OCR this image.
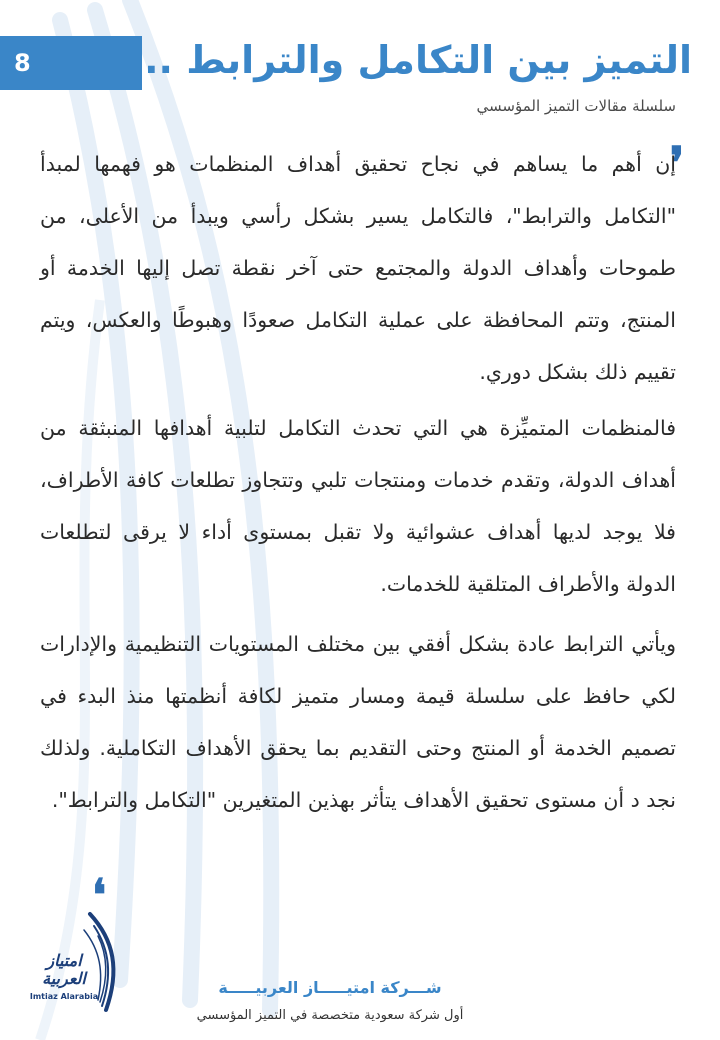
8	التميز بين التكامل والترابط ..
سلسلة مقالات التميز المؤسسي
❜

إن أهم ما يساهم في نجاح تحقيق أهداف المنظمات هو فهمها لمبدأ "التكامل والترابط"، فالتكامل يسير بشكل رأسي ويبدأ من الأعلى، من طموحات وأهداف الدولة والمجتمع حتى آخر نقطة تصل إليها الخدمة أو المنتج، وتتم المحافظة على عملية التكامل صعودًا وهبوطًا والعكس، ويتم تقييم ذلك بشكل دوري.

فالمنظمات المتميِّزة هي التي تحدث التكامل لتلبية أهدافها المنبثقة من أهداف الدولة، وتقدم خدمات ومنتجات تلبي وتتجاوز تطلعات كافة الأطراف، فلا يوجد لديها أهداف عشوائية ولا تقبل بمستوى أداء لا يرقى لتطلعات الدولة والأطراف المتلقية للخدمات.

ويأتي الترابط عادة بشكل أفقي بين مختلف المستويات التنظيمية والإدارات لكي حافظ على سلسلة قيمة ومسار متميز لكافة أنظمتها منذ البدء في تصميم الخدمة أو المنتج وحتى التقديم بما يحقق الأهداف التكاملية. ولذلك نجد د أن مستوى تحقيق الأهداف يتأثر بهذين المتغيرين "التكامل والترابط".

❛
امتياز العربية
Imtiaz Alarabia	شـــركة امتيـــــاز العربيـــــة
أول شركة سعودية متخصصة في التميز المؤسسي
